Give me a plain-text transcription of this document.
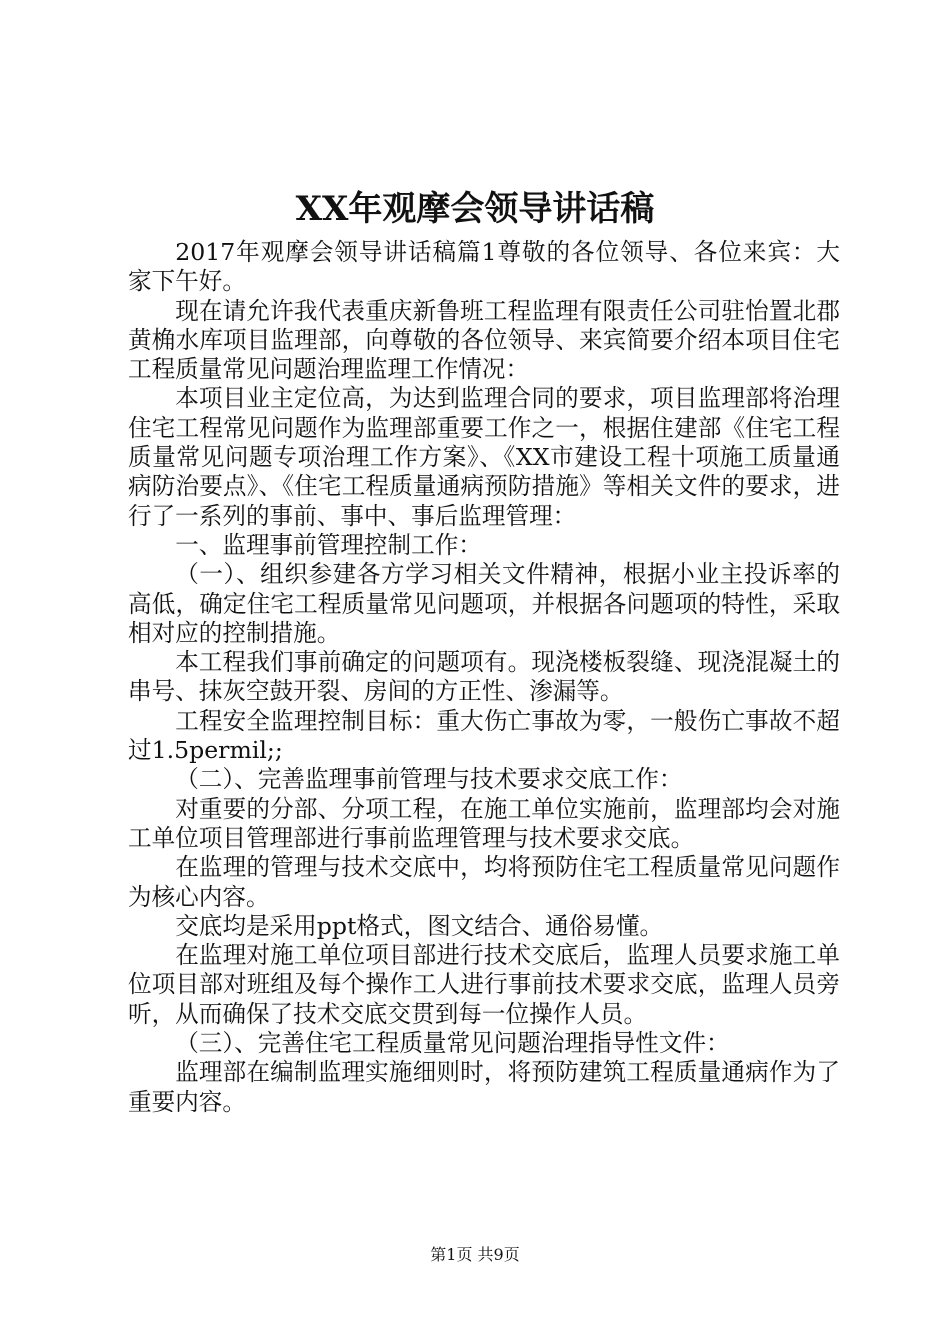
XX年观摩会领导讲话稿

2017年观摩会领导讲话稿篇1尊敬的各位领导、各位来宾：大家下午好。

现在请允许我代表重庆新鲁班工程监理有限责任公司驻怡置北郡黄桷水库项目监理部，向尊敬的各位领导、来宾简要介绍本项目住宅工程质量常见问题治理监理工作情况：

本项目业主定位高，为达到监理合同的要求，项目监理部将治理住宅工程常见问题作为监理部重要工作之一，根据住建部《住宅工程质量常见问题专项治理工作方案》、《XX市建设工程十项施工质量通病防治要点》、《住宅工程质量通病预防措施》等相关文件的要求，进行了一系列的事前、事中、事后监理管理：

一、监理事前管理控制工作：

（一）、组织参建各方学习相关文件精神，根据小业主投诉率的高低，确定住宅工程质量常见问题项，并根据各问题项的特性，采取相对应的控制措施。

本工程我们事前确定的问题项有。现浇楼板裂缝、现浇混凝土的串号、抹灰空鼓开裂、房间的方正性、渗漏等。

工程安全监理控制目标：重大伤亡事故为零，一般伤亡事故不超过1.5permil;;

（二）、完善监理事前管理与技术要求交底工作：

对重要的分部、分项工程，在施工单位实施前，监理部均会对施工单位项目管理部进行事前监理管理与技术要求交底。

在监理的管理与技术交底中，均将预防住宅工程质量常见问题作为核心内容。

交底均是采用ppt格式，图文结合、通俗易懂。

在监理对施工单位项目部进行技术交底后，监理人员要求施工单位项目部对班组及每个操作工人进行事前技术要求交底，监理人员旁听，从而确保了技术交底交贯到每一位操作人员。

（三）、完善住宅工程质量常见问题治理指导性文件：

监理部在编制监理实施细则时，将预防建筑工程质量通病作为了重要内容。

第1页 共9页
